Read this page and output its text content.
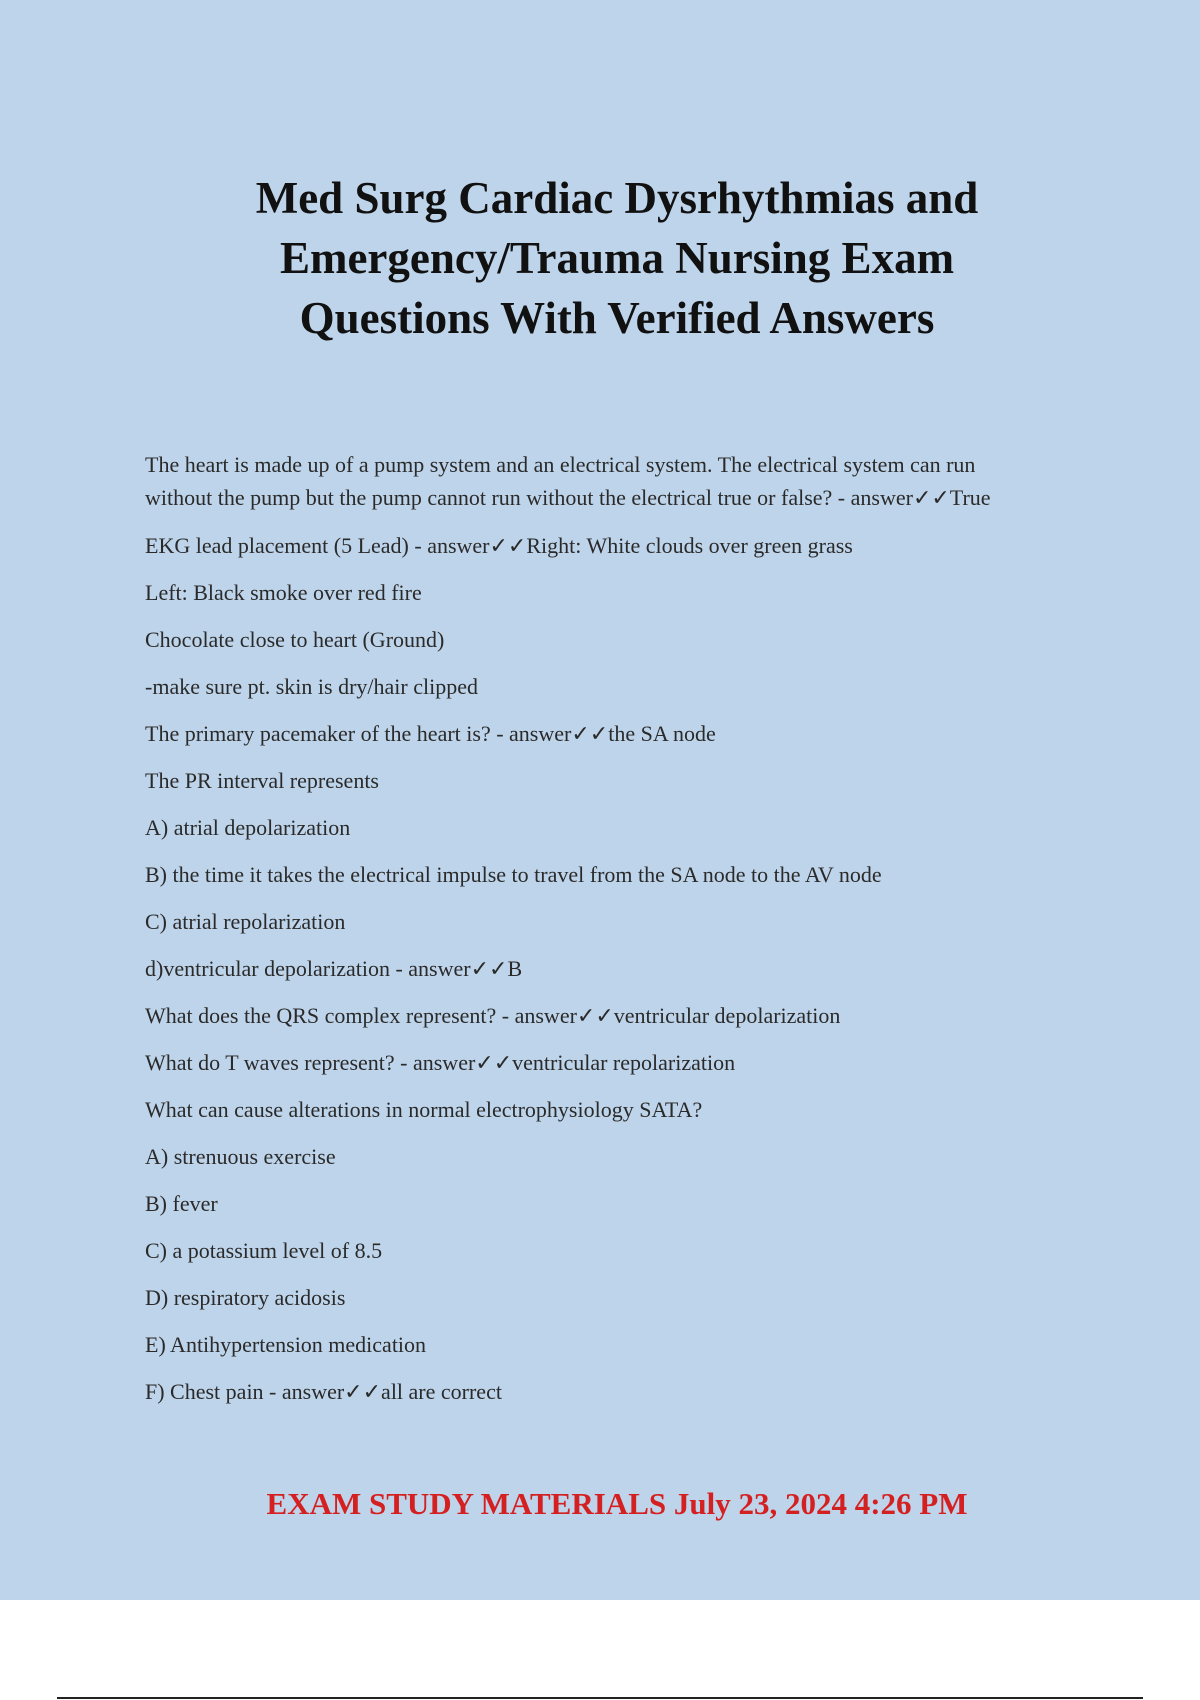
Med Surg Cardiac Dysrhythmias and
Emergency/Trauma Nursing Exam
Questions With Verified Answers

The heart is made up of a pump system and an electrical system. The electrical system can run
without the pump but the pump cannot run without the electrical true or false? - answer✓✓True

EKG lead placement (5 Lead) - answer✓✓Right: White clouds over green grass

Left: Black smoke over red fire

Chocolate close to heart (Ground)

-make sure pt. skin is dry/hair clipped

The primary pacemaker of the heart is? - answer✓✓the SA node

The PR interval represents

A) atrial depolarization

B) the time it takes the electrical impulse to travel from the SA node to the AV node

C) atrial repolarization

d)ventricular depolarization - answer✓✓B

What does the QRS complex represent? - answer✓✓ventricular depolarization

What do T waves represent? - answer✓✓ventricular repolarization

What can cause alterations in normal electrophysiology SATA?

A) strenuous exercise

B) fever

C) a potassium level of 8.5

D) respiratory acidosis

E) Antihypertension medication

F) Chest pain - answer✓✓all are correct

EXAM STUDY MATERIALS July 23, 2024 4:26 PM
